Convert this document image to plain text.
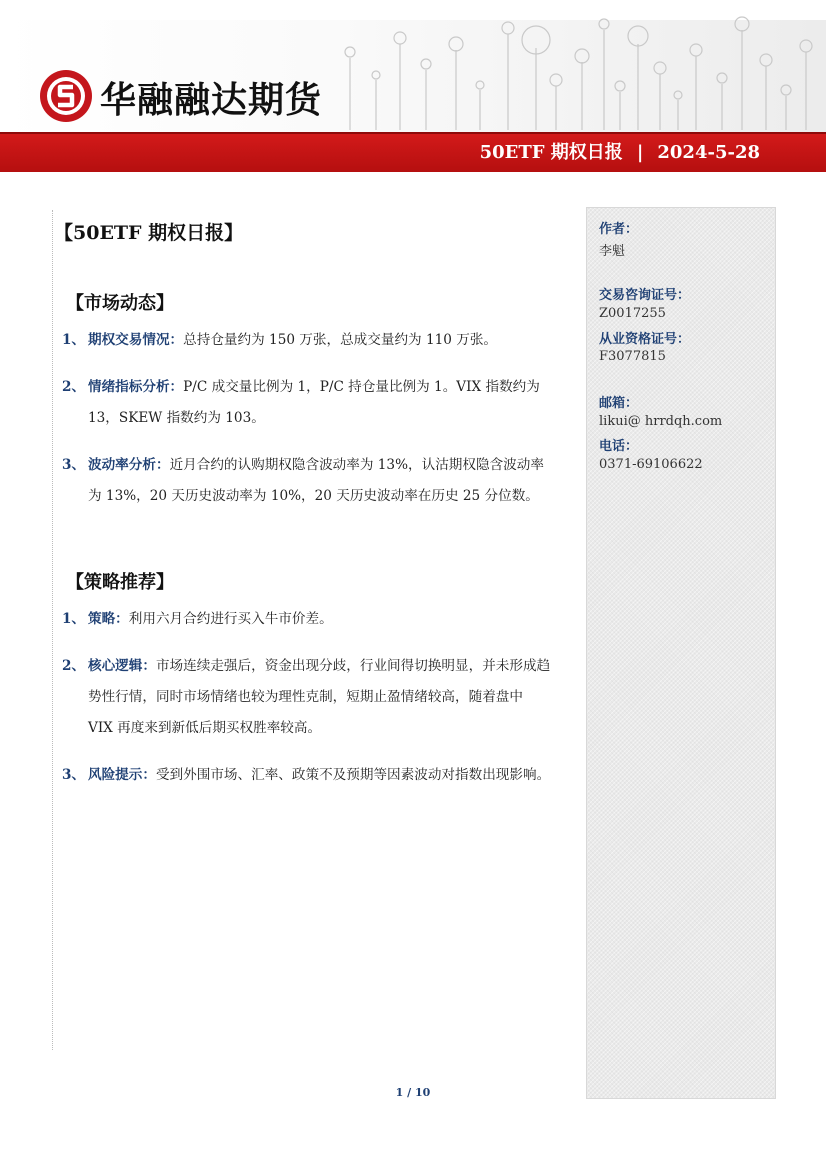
华融融达期货
50ETF 期权日报 | 2024-5-28
【50ETF 期权日报】
【市场动态】
1、 期权交易情况：总持仓量约为 150 万张，总成交量约为 110 万张。
2、 情绪指标分析：P/C 成交量比例为 1，P/C 持仓量比例为 1。VIX 指数约为 13，SKEW 指数约为 103。
3、 波动率分析：近月合约的认购期权隐含波动率为 13%，认沽期权隐含波动率为 13%，20 天历史波动率为 10%，20 天历史波动率在历史 25 分位数。
【策略推荐】
1、 策略：利用六月合约进行买入牛市价差。
2、 核心逻辑：市场连续走强后，资金出现分歧，行业间得切换明显，并未形成趋势性行情，同时市场情绪也较为理性克制，短期止盈情绪较高，随着盘中 VIX 再度来到新低后期买权胜率较高。
3、 风险提示：受到外围市场、汇率、政策不及预期等因素波动对指数出现影响。
作者：
李魁
交易咨询证号：
Z0017255
从业资格证号：
F3077815
邮箱：
likui@ hrrdqh.com
电话：
0371-69106622
1 / 10
